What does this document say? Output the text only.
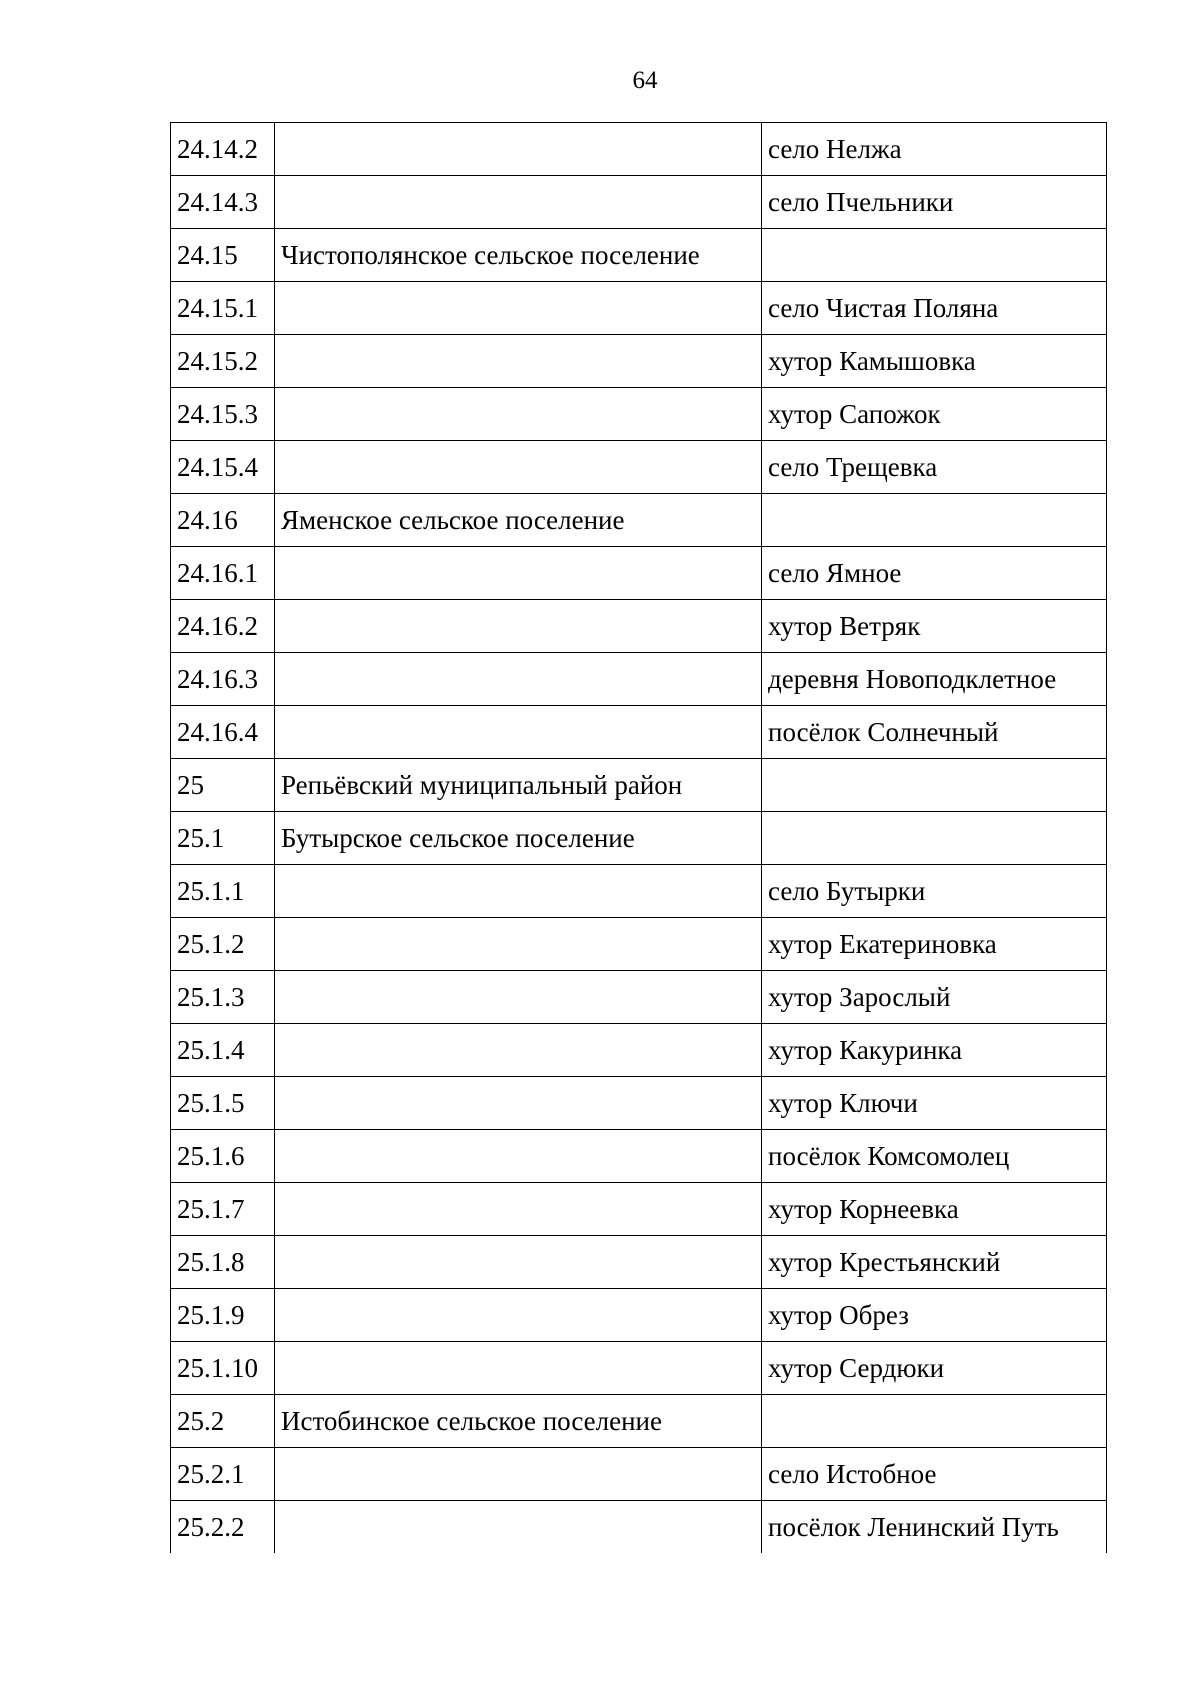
64
24.14.2		село Нелжа
24.14.3		село Пчельники
24.15	Чистополянское сельское поселение	
24.15.1		село Чистая Поляна
24.15.2		хутор Камышовка
24.15.3		хутор Сапожок
24.15.4		село Трещевка
24.16	Яменское сельское поселение	
24.16.1		село Ямное
24.16.2		хутор Ветряк
24.16.3		деревня Новоподклетное
24.16.4		посёлок Солнечный
25	Репьёвский муниципальный район	
25.1	Бутырское сельское поселение	
25.1.1		село Бутырки
25.1.2		хутор Екатериновка
25.1.3		хутор Зарослый
25.1.4		хутор Какуринка
25.1.5		хутор Ключи
25.1.6		посёлок Комсомолец
25.1.7		хутор Корнеевка
25.1.8		хутор Крестьянский
25.1.9		хутор Обрез
25.1.10		хутор Сердюки
25.2	Истобинское сельское поселение	
25.2.1		село Истобное
25.2.2		посёлок Ленинский Путь
